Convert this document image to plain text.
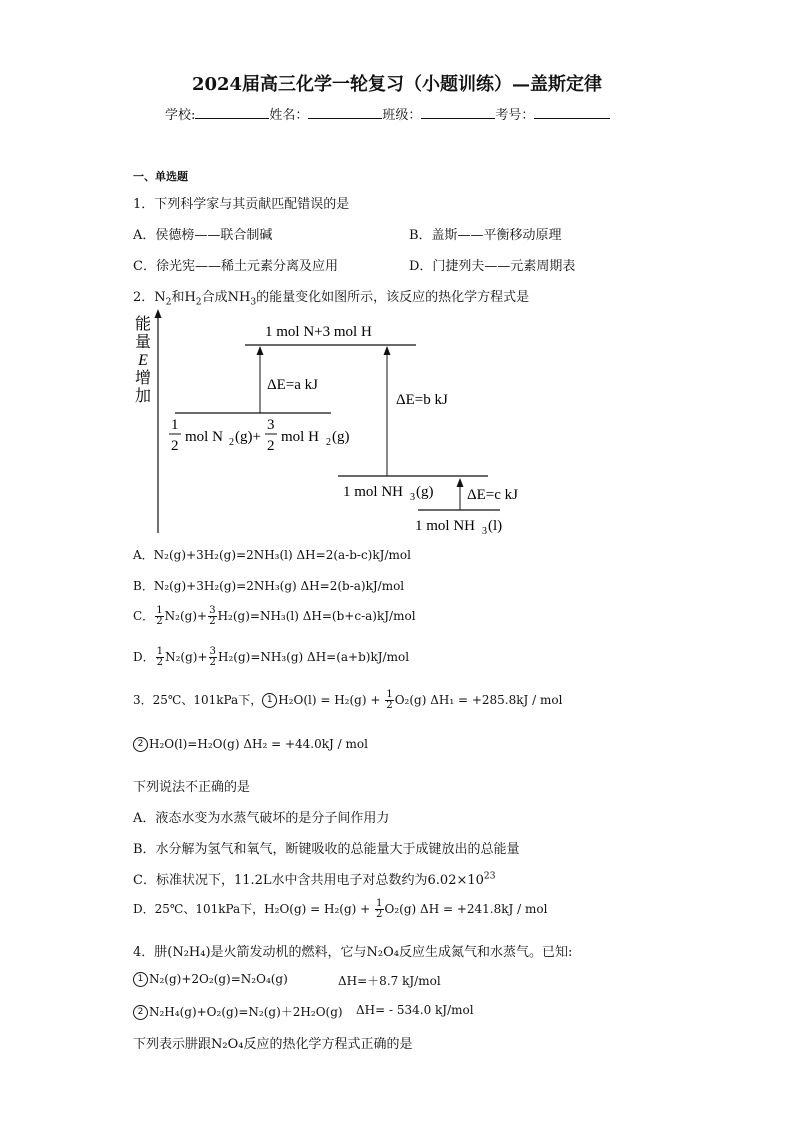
2024届高三化学一轮复习（小题训练）—盖斯定律
学校:	姓名：	班级：	考号：
一、单选题
1．下列科学家与其贡献匹配错误的是
A．侯德榜——联合制碱	B．盖斯——平衡移动原理
C．徐光宪——稀土元素分离及应用	D．门捷列夫——元素周期表
2．$N_2$和$H_2$合成$NH_3$的能量变化如图所示，该反应的热化学方程式是
能
量
E
增
加
1 mol N+3 mol H
ΔE=a kJ
ΔE=b kJ
ΔE=c kJ
1
2
mol N 2 (g)+
3
2
mol H 2 (g)
1 mol NH 3 (g)
1 mol NH 3 (l)
A．N₂(g)+3H₂(g)=2NH₃(l) ΔH=2(a-b-c)kJ/mol
B．N₂(g)+3H₂(g)=2NH₃(g) ΔH=2(b-a)kJ/mol
C． $\frac{1}{2} N_2(g)+ \frac{3}{2} H_2(g)=NH_3(l)$ ΔH=(b+c-a)kJ/mol
D． $\frac{1}{2} N_2(g)+ \frac{3}{2} H_2(g)=NH_3(g)$ ΔH=(a+b)kJ/mol
3．25℃、101kPa下， 1 $H_2O(l) = H_2(g) + \frac{1}{2} O_2(g) \Delta H_1 = +285.8kJ$ / mol
2 H₂O(l)=H₂O(g) ΔH₂ = +44.0kJ / mol
下列说法不正确的是
A．液态水变为水蒸气破坏的是分子间作用力
B．水分解为氢气和氧气，断键吸收的总能量大于成键放出的总能量
C．标准状况下，11.2L水中含共用电子对总数约为$6.02\times 10^{23}$
D．25℃、101kPa下，$H_2O(g) = H_2(g) + \frac{1}{2} O_2(g) \Delta H = +241.8kJ$ / mol
4．肼(N₂H₄)是火箭发动机的燃料，它与N₂O₄反应生成氮气和水蒸气。已知:
1 N₂(g)+2O₂(g)=N₂O₄(g)	ΔH=＋8.7 kJ/mol
2 N₂H₄(g)+O₂(g)=N₂(g)＋2H₂O(g) ΔH= - 534.0 kJ/mol
下列表示肼跟N₂O₄反应的热化学方程式正确的是
